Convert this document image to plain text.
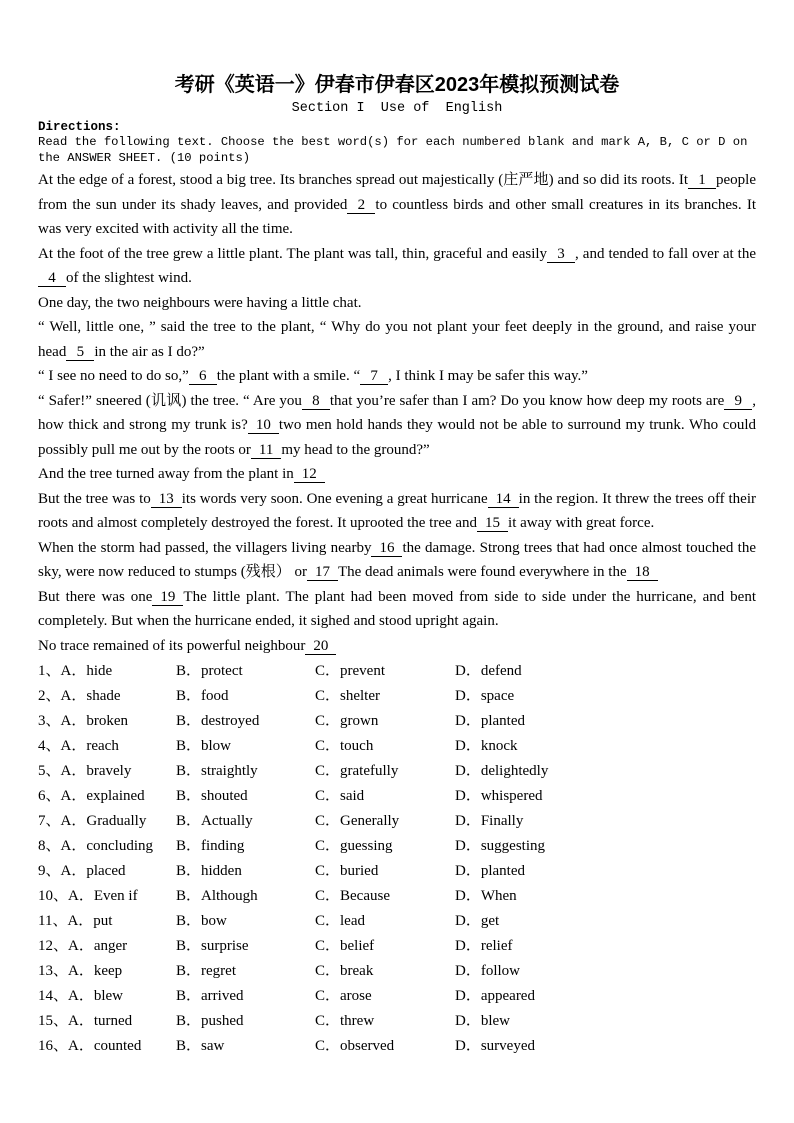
考研《英语一》伊春市伊春区2023年模拟预测试卷
Section I  Use of  English
Directions:
Read the following text. Choose the best word(s) for each numbered blank and mark A, B, C or D on the ANSWER SHEET. (10 points)

At the edge of a forest, stood a big tree. Its branches spread out majestically (庄严地) and so did its roots. It 1 people from the sun under its shady leaves, and provided 2 to countless birds and other small creatures in its branches. It was very excited with activity all the time.

At the foot of the tree grew a little plant. The plant was tall, thin, graceful and easily 3 , and tended to fall over at the4 of the slightest wind.

One day, the two neighbours were having a little chat.

“ Well, little one, ” said the tree to the plant, “ Why do you not plant your feet deeply in the ground, and raise your head 5 in the air as I do?”

“ I see no need to do so,” 6 the plant with a smile. “ 7 , I think I may be safer this way.”

“ Safer!” sneered (讥讽) the tree. “ Are you 8 that you’re safer than I am? Do you know how deep my roots are 9 , how thick and strong my trunk is? 10 two men hold hands they would not be able to surround my trunk. Who could possibly pull me out by the roots or 11 my head to the ground?”

And the tree turned away from the plant in 12

But the tree was to 13 its words very soon. One evening a great hurricane 14 in the region. It threw the trees off their roots and almost completely destroyed the forest. It uprooted the tree and 15 it away with great force.

When the storm had passed, the villagers living nearby 16 the damage. Strong trees that had once almost touched the sky, were now reduced to stumps (残根） or 17 The dead animals were found everywhere in the 18

But there was one 19 The little plant. The plant had been moved from side to side under the hurricane, and bent completely. But when the hurricane ended, it sighed and stood upright again.

No trace remained of its powerful neighbour 20

1、A．hide	B．protect	C．prevent	D．defend
2、A．shade	B．food	C．shelter	D．space
3、A．broken	B．destroyed	C．grown	D．planted
4、A．reach	B．blow	C．touch	D．knock
5、A．bravely	B．straightly	C．gratefully	D．delightedly
6、A．explained	B．shouted	C．said	D．whispered
7、A．Gradually	B．Actually	C．Generally	D．Finally
8、A．concluding	B．finding	C．guessing	D．suggesting
9、A．placed	B．hidden	C．buried	D．planted
10、A．Even if	B．Although	C．Because	D．When
11、A．put	B．bow	C．lead	D．get
12、A．anger	B．surprise	C．belief	D．relief
13、A．keep	B．regret	C．break	D．follow
14、A．blew	B．arrived	C．arose	D．appeared
15、A．turned	B．pushed	C．threw	D．blew
16、A．counted	B．saw	C．observed	D．surveyed
